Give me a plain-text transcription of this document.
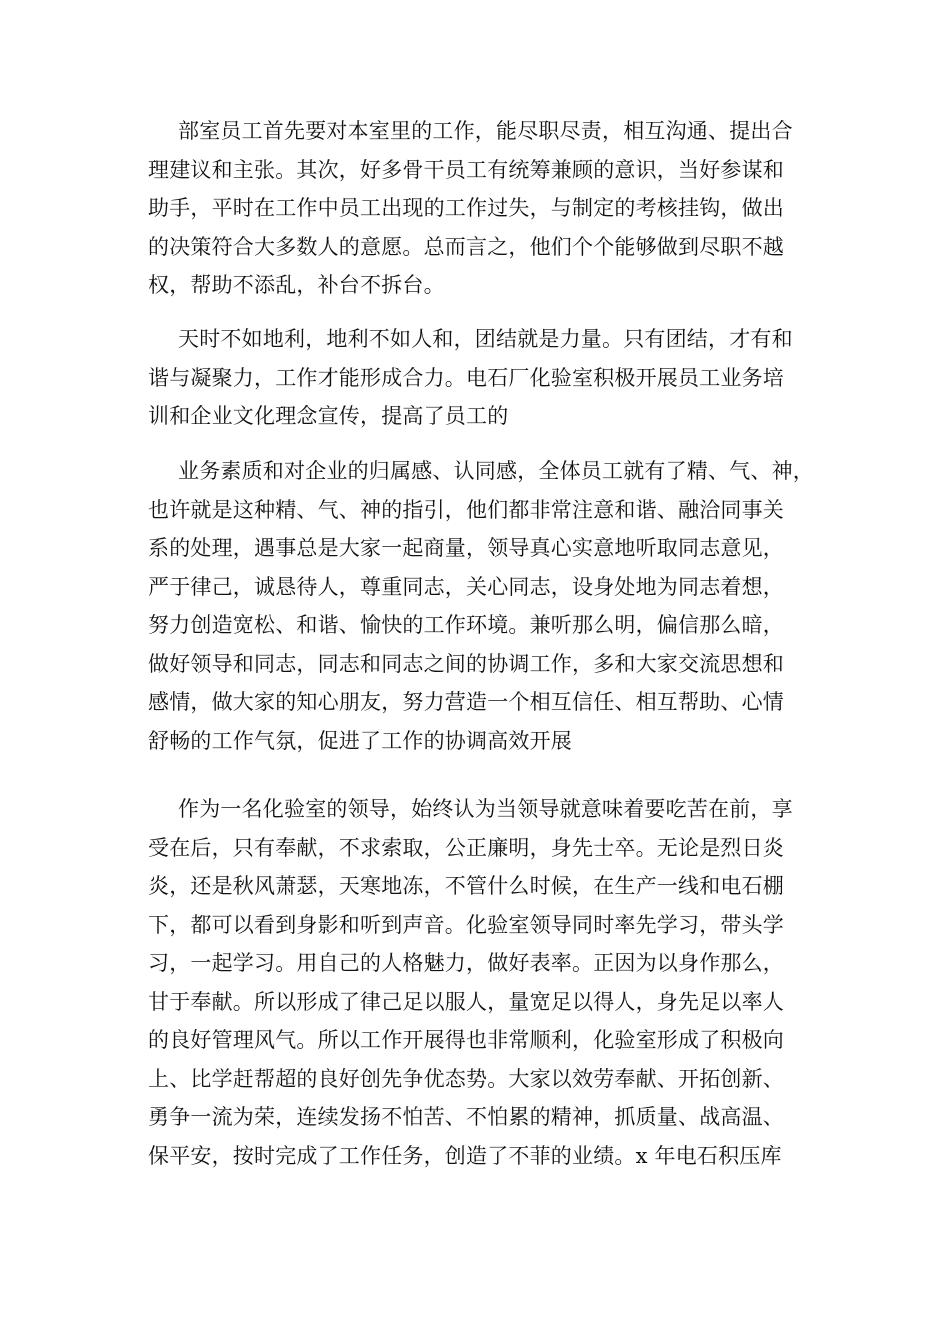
部室员工首先要对本室里的工作，能尽职尽责，相互沟通、提出合
理建议和主张。其次，好多骨干员工有统筹兼顾的意识，当好参谋和
助手，平时在工作中员工出现的工作过失，与制定的考核挂钩，做出
的决策符合大多数人的意愿。总而言之，他们个个能够做到尽职不越
权，帮助不添乱，补台不拆台。
天时不如地利，地利不如人和，团结就是力量。只有团结，才有和
谐与凝聚力，工作才能形成合力。电石厂化验室积极开展员工业务培
训和企业文化理念宣传，提高了员工的
业务素质和对企业的归属感、认同感，全体员工就有了精、气、神，
也许就是这种精、气、神的指引，他们都非常注意和谐、融洽同事关
系的处理，遇事总是大家一起商量，领导真心实意地听取同志意见，
严于律己，诚恳待人，尊重同志，关心同志，设身处地为同志着想，
努力创造宽松、和谐、愉快的工作环境。兼听那么明，偏信那么暗，
做好领导和同志，同志和同志之间的协调工作，多和大家交流思想和
感情，做大家的知心朋友，努力营造一个相互信任、相互帮助、心情
舒畅的工作气氛，促进了工作的协调高效开展
作为一名化验室的领导，始终认为当领导就意味着要吃苦在前，享
受在后，只有奉献，不求索取，公正廉明，身先士卒。无论是烈日炎
炎，还是秋风萧瑟，天寒地冻，不管什么时候，在生产一线和电石棚
下，都可以看到身影和听到声音。化验室领导同时率先学习，带头学
习，一起学习。用自己的人格魅力，做好表率。正因为以身作那么，
甘于奉献。所以形成了律己足以服人，量宽足以得人，身先足以率人
的良好管理风气。所以工作开展得也非常顺利，化验室形成了积极向
上、比学赶帮超的良好创先争优态势。大家以效劳奉献、开拓创新、
勇争一流为荣，连续发扬不怕苦、不怕累的精神，抓质量、战高温、
保平安，按时完成了工作任务，创造了不菲的业绩。x 年电石积压库
